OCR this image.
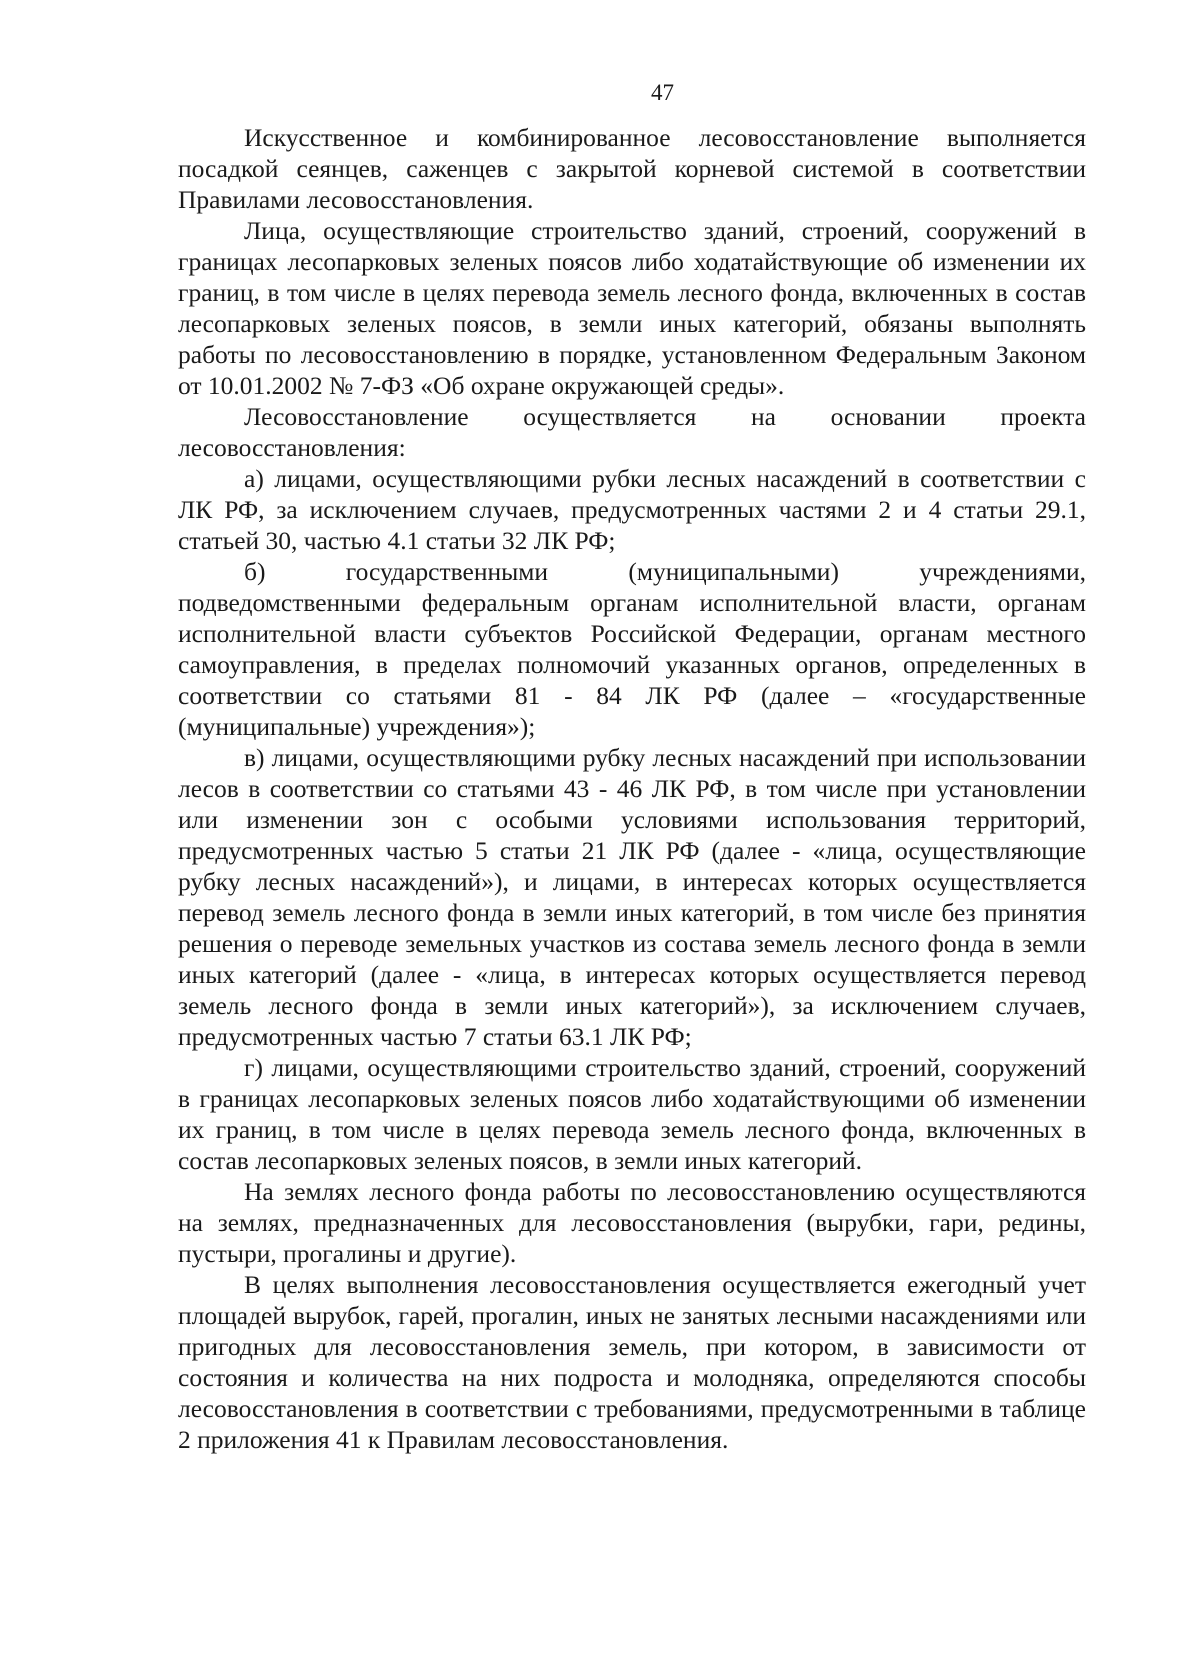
47

Искусственное и комбинированное лесовосстановление выполняется посадкой сеянцев, саженцев с закрытой корневой системой в соответствии Правилами лесовосстановления.

Лица, осуществляющие строительство зданий, строений, сооружений в границах лесопарковых зеленых поясов либо ходатайствующие об изменении их границ, в том числе в целях перевода земель лесного фонда, включенных в состав лесопарковых зеленых поясов, в земли иных категорий, обязаны выполнять работы по лесовосстановлению в порядке, установленном Федеральным Законом от 10.01.2002 № 7-ФЗ «Об охране окружающей среды».

Лесовосстановление осуществляется на основании проекта лесовосстановления:

а) лицами, осуществляющими рубки лесных насаждений в соответствии с ЛК РФ, за исключением случаев, предусмотренных частями 2 и 4 статьи 29.1, статьей 30, частью 4.1 статьи 32 ЛК РФ;

б) государственными (муниципальными) учреждениями, подведомственными федеральным органам исполнительной власти, органам исполнительной власти субъектов Российской Федерации, органам местного самоуправления, в пределах полномочий указанных органов, определенных в соответствии со статьями 81 - 84 ЛК РФ (далее – «государственные (муниципальные) учреждения»);

в) лицами, осуществляющими рубку лесных насаждений при использовании лесов в соответствии со статьями 43 - 46 ЛК РФ, в том числе при установлении или изменении зон с особыми условиями использования территорий, предусмотренных частью 5 статьи 21 ЛК РФ (далее - «лица, осуществляющие рубку лесных насаждений»), и лицами, в интересах которых осуществляется перевод земель лесного фонда в земли иных категорий, в том числе без принятия решения о переводе земельных участков из состава земель лесного фонда в земли иных категорий (далее - «лица, в интересах которых осуществляется перевод земель лесного фонда в земли иных категорий»), за исключением случаев, предусмотренных частью 7 статьи 63.1 ЛК РФ;

г) лицами, осуществляющими строительство зданий, строений, сооружений в границах лесопарковых зеленых поясов либо ходатайствующими об изменении их границ, в том числе в целях перевода земель лесного фонда, включенных в состав лесопарковых зеленых поясов, в земли иных категорий.

На землях лесного фонда работы по лесовосстановлению осуществляются на землях, предназначенных для лесовосстановления (вырубки, гари, редины, пустыри, прогалины и другие).

В целях выполнения лесовосстановления осуществляется ежегодный учет площадей вырубок, гарей, прогалин, иных не занятых лесными насаждениями или пригодных для лесовосстановления земель, при котором, в зависимости от состояния и количества на них подроста и молодняка, определяются способы лесовосстановления в соответствии с требованиями, предусмотренными в таблице 2 приложения 41 к Правилам лесовосстановления.
